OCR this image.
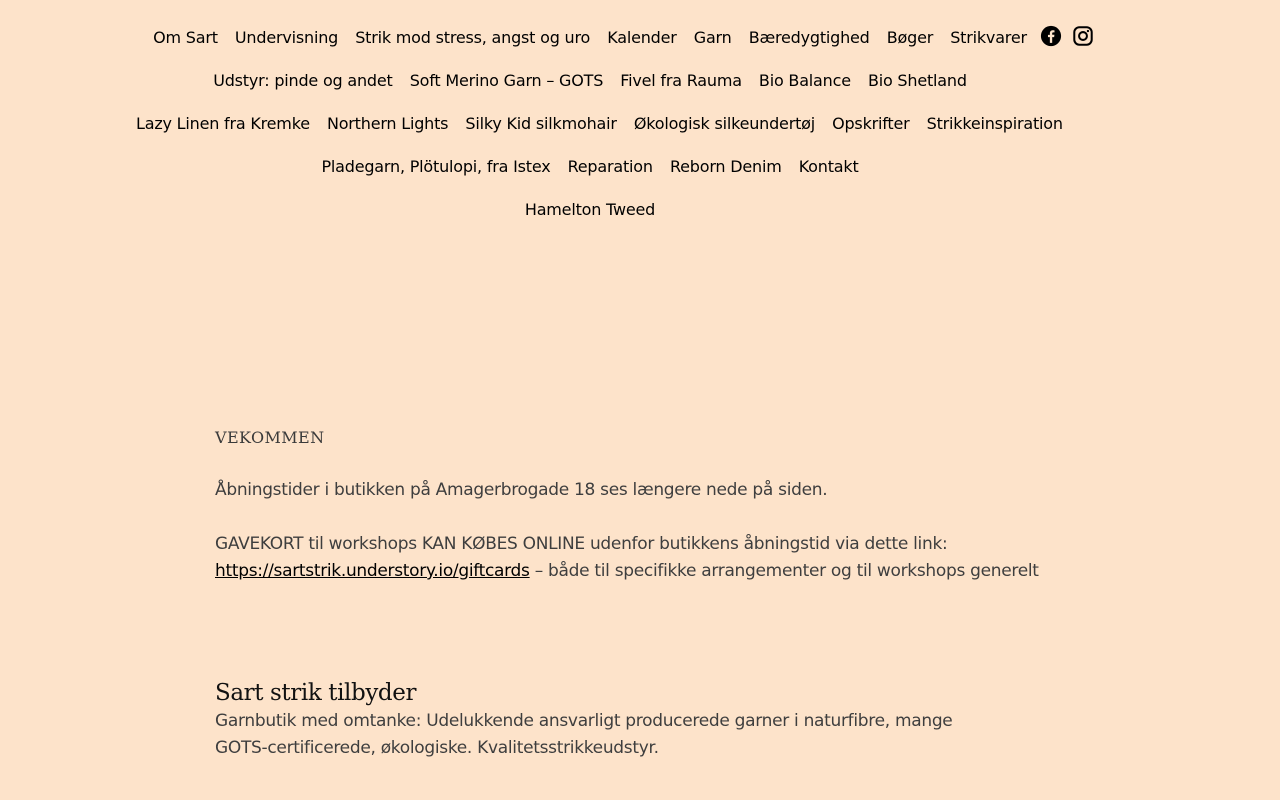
Om Sart Undervisning Strik mod stress, angst og uro Kalender Garn Bæredygtighed Bøger Strikvarer
Udstyr: pinde og andet Soft Merino Garn – GOTS Fivel fra Rauma Bio Balance Bio Shetland
Lazy Linen fra Kremke Northern Lights Silky Kid silkmohair Økologisk silkeundertøj Opskrifter Strikkeinspiration
Pladegarn, Plötulopi, fra Istex Reparation Reborn Denim Kontakt
Hamelton Tweed

VEKOMMEN

Åbningstider i butikken på Amagerbrogade 18 ses længere nede på siden.

GAVEKORT til workshops KAN KØBES ONLINE udenfor butikkens åbningstid via dette link:

https://sartstrik.understory.io/giftcards – både til specifikke arrangementer og til workshops generelt

Sart strik tilbyder

Garnbutik med omtanke: Udelukkende ansvarligt producerede garner i naturfibre, mange GOTS-certificerede, økologiske. Kvalitetsstrikkeudstyr.
